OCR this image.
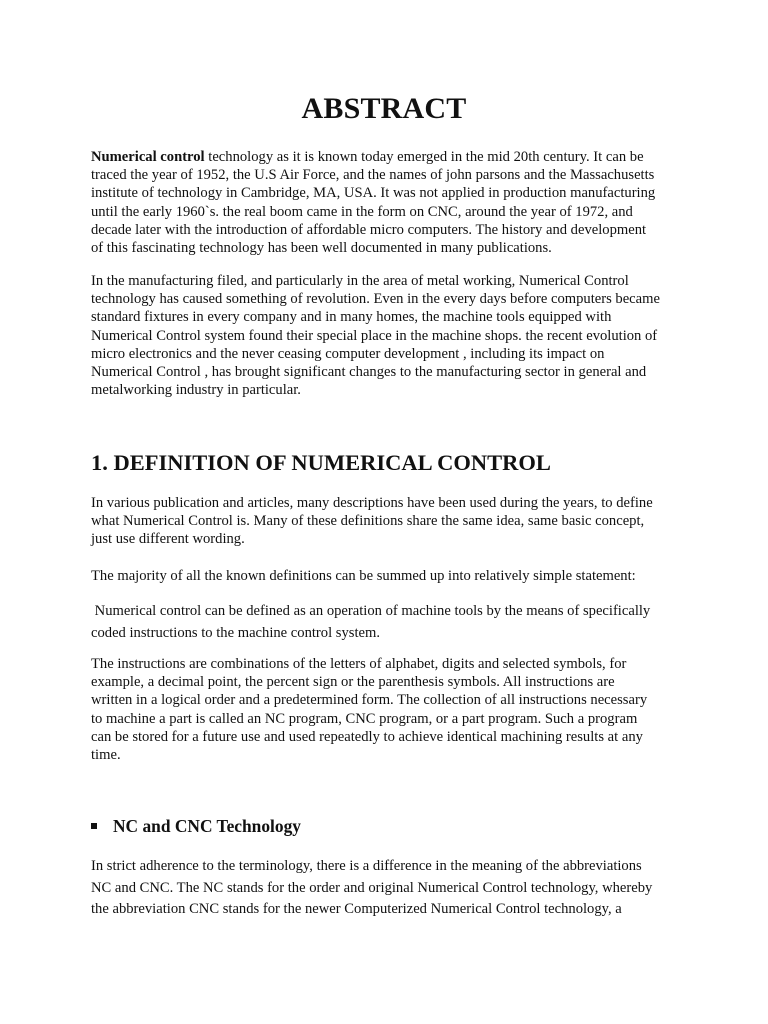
ABSTRACT
Numerical control technology as it is known today emerged in the mid 20th century. It can be
traced the year of 1952, the U.S Air Force, and the names of john parsons and the Massachusetts
institute of technology in Cambridge, MA, USA. It was not applied in production manufacturing
until the early 1960`s. the real boom came in the form on CNC, around the year of 1972, and
decade later with the introduction of affordable micro computers. The history and development
of this fascinating technology has been well documented in many publications.
In the manufacturing filed, and particularly in the area of metal working, Numerical Control
technology has caused something of revolution. Even in the every days before computers became
standard fixtures in every company and in many homes, the machine tools equipped with
Numerical Control system found their special place in the machine shops. the recent evolution of
micro electronics and the never ceasing computer development , including its impact on
Numerical Control , has brought significant changes to the manufacturing sector in general and
metalworking industry in particular.
1. DEFINITION OF NUMERICAL CONTROL
In various publication and articles, many descriptions have been used during the years, to define
what Numerical Control is. Many of these definitions share the same idea, same basic concept,
just use different wording.
The majority of all the known definitions can be summed up into relatively simple statement:
Numerical control can be defined as an operation of machine tools by the means of specifically
coded instructions to the machine control system.
The instructions are combinations of the letters of alphabet, digits and selected symbols, for
example, a decimal point, the percent sign or the parenthesis symbols. All instructions are
written in a logical order and a predetermined form. The collection of all instructions necessary
to machine a part is called an NC program, CNC program, or a part program. Such a program
can be stored for a future use and used repeatedly to achieve identical machining results at any
time.
NC and CNC Technology
In strict adherence to the terminology, there is a difference in the meaning of the abbreviations
NC and CNC. The NC stands for the order and original Numerical Control technology, whereby
the abbreviation CNC stands for the newer Computerized Numerical Control technology, a
